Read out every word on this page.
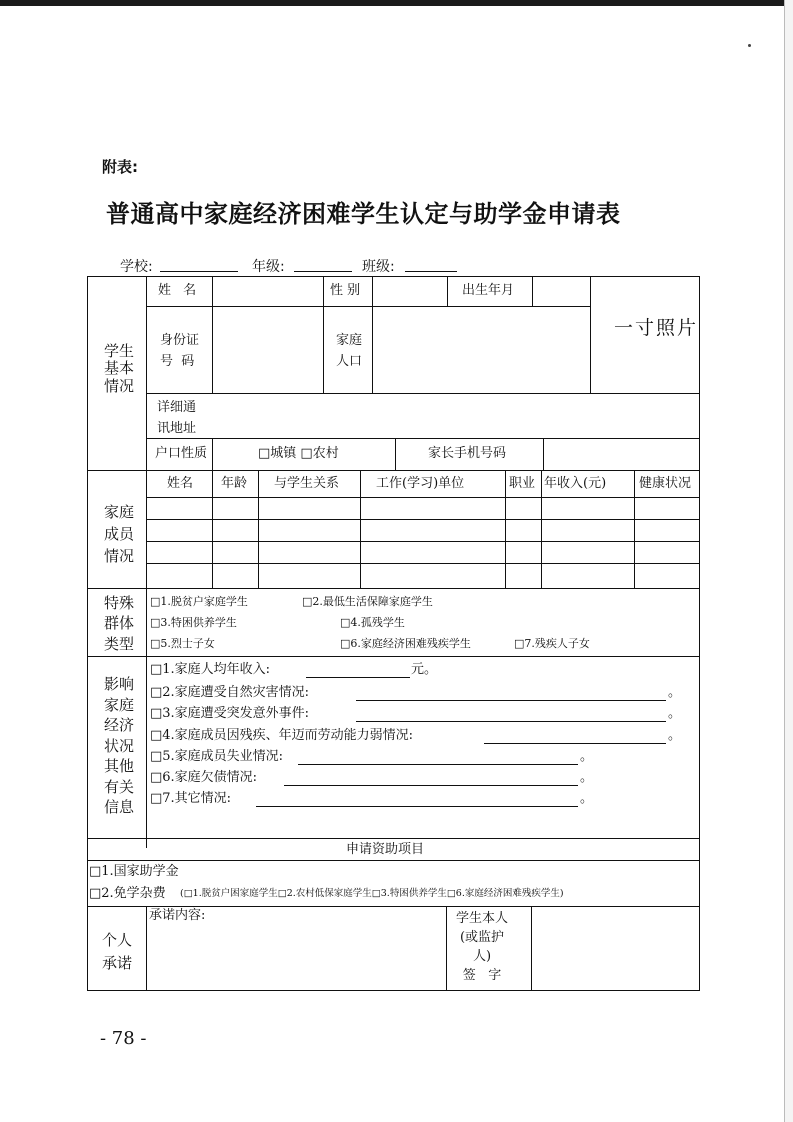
附表:
普通高中家庭经济困难学生认定与助学金申请表
学校:	年级:	班级:
学生
基本
情况
姓 名	性 别	出生年月
一寸照片
身份证
号  码
家庭
人口
详细通
讯地址
户口性质	□城镇 □农村	家长手机号码
家庭
成员
情况
姓名 年龄 与学生关系	工作(学习)单位	职业 年收入(元)	健康状况
特殊
群体
类型
□1.脱贫户家庭学生	□2.最低生活保障家庭学生
□3.特困供养学生	□4.孤残学生
□5.烈士子女	□6.家庭经济困难残疾学生	□7.残疾人子女
影响
家庭
经济
状况
其他
有关
信息
□1.家庭人均年收入:	元。
□2.家庭遭受自然灾害情况:	。
□3.家庭遭受突发意外事件:	。
□4.家庭成员因残疾、年迈而劳动能力弱情况:	。
□5.家庭成员失业情况:	。
□6.家庭欠债情况:	。
□7.其它情况:	。
申请资助项目
□1.国家助学金
□2.免学杂费 (□1.脱贫户困家庭学生□2.农村低保家庭学生□3.特困供养学生□6.家庭经济困难残疾学生)
个人
承诺
承诺内容:	学生本人
(或监护
人)
签   字
- 78 -
